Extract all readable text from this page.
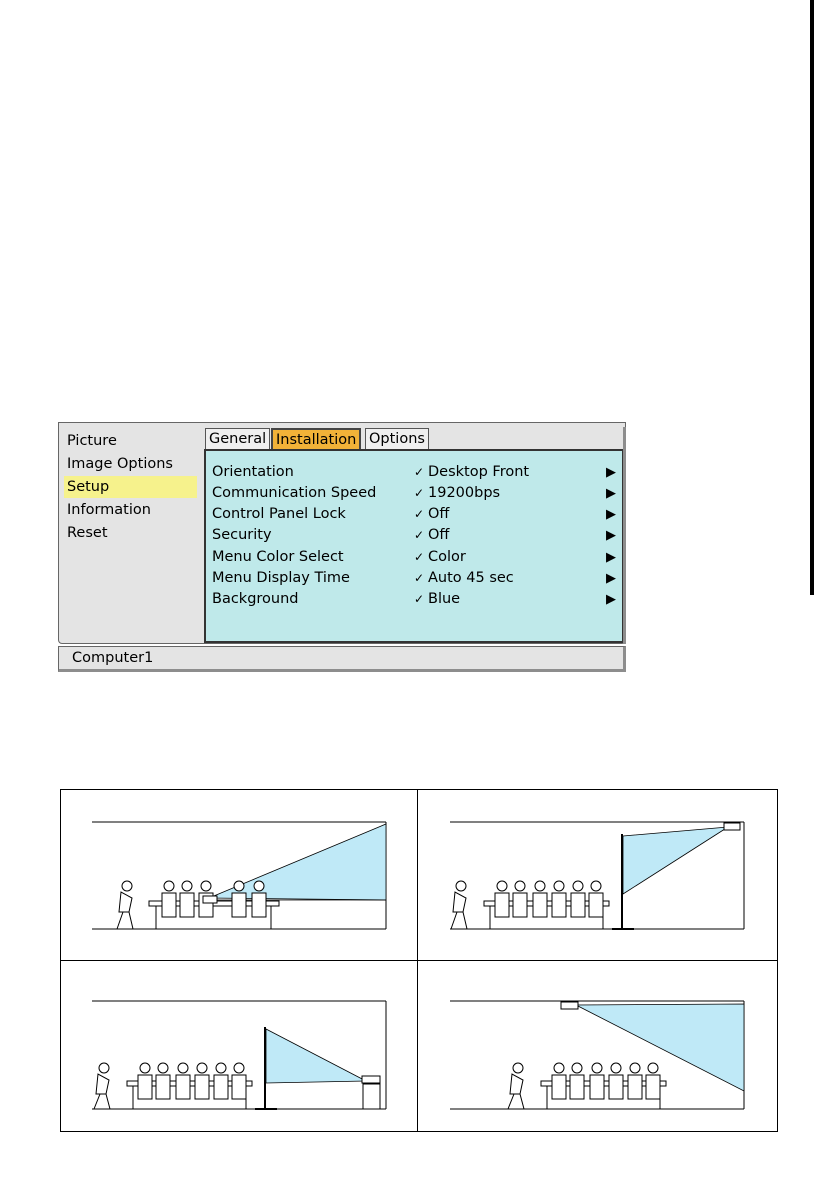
Picture
Image Options
Setup
Information
Reset
General Installation Options
Orientation	✓ Desktop Front	▶
Communication Speed	✓ 19200bps	▶
Control Panel Lock	✓ Off	▶
Security	✓ Off	▶
Menu Color Select	✓ Color	▶
Menu Display Time	✓ Auto 45 sec	▶
Background	✓ Blue	▶
Computer1
